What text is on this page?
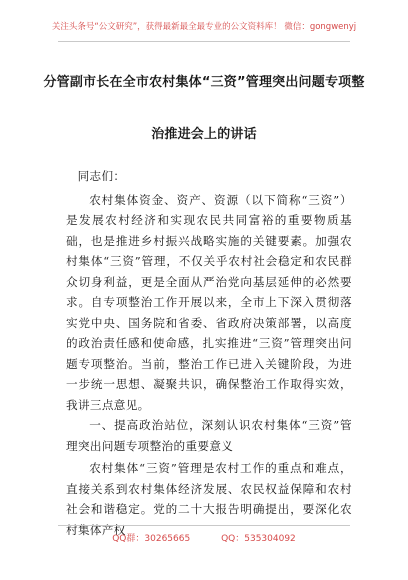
关注头条号“公文研究”，获得最新最全最专业的公文资料库！ 微信：gongwenyj
分管副市长在全市农村集体“三资”管理突出问题专项整
治推进会上的讲话

同志们：

农村集体资金、资产、资源（以下简称“三资”）是发展农村经济和实现农民共同富裕的重要物质基础，也是推进乡村振兴战略实施的关键要素。加强农村集体“三资”管理，不仅关乎农村社会稳定和农民群众切身利益，更是全面从严治党向基层延伸的必然要求。自专项整治工作开展以来，全市上下深入贯彻落实党中央、国务院和省委、省政府决策部署，以高度的政治责任感和使命感，扎实推进“三资”管理突出问题专项整治。当前，整治工作已进入关键阶段，为进一步统一思想、凝聚共识，确保整治工作取得实效，我讲三点意见。

一、提高政治站位，深刻认识农村集体“三资”管理突出问题专项整治的重要意义

农村集体“三资”管理是农村工作的重点和难点，直接关系到农村集体经济发展、农民权益保障和农村社会和谐稳定。党的二十大报告明确提出，要深化农村集体产权

QQ群：30265665	QQ：535304092
